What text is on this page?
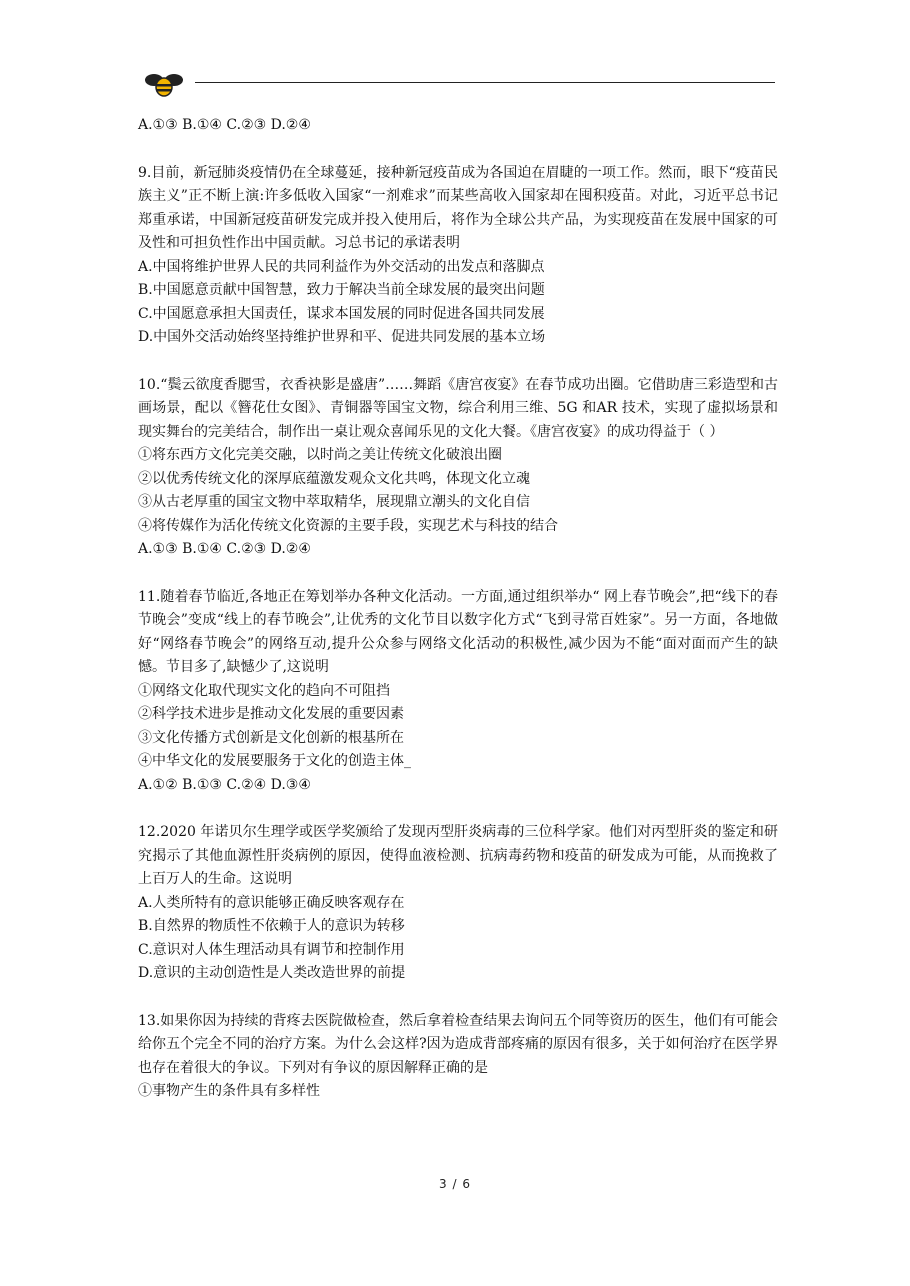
A.①③ B.①④ C.②③ D.②④

9.目前，新冠肺炎疫情仍在全球蔓延，接种新冠疫苗成为各国迫在眉睫的一项工作。然而，眼下“疫苗民族主义”正不断上演:许多低收入国家“一剂难求”而某些高收入国家却在囤积疫苗。对此，习近平总书记郑重承诺，中国新冠疫苗研发完成并投入使用后，将作为全球公共产品，为实现疫苗在发展中国家的可及性和可担负性作出中国贡献。习总书记的承诺表明

A.中国将维护世界人民的共同利益作为外交活动的出发点和落脚点

B.中国愿意贡献中国智慧，致力于解决当前全球发展的最突出问题

C.中国愿意承担大国责任，谋求本国发展的同时促进各国共同发展

D.中国外交活动始终坚持维护世界和平、促进共同发展的基本立场

10.“鬓云欲度香腮雪，衣香袂影是盛唐”……舞蹈《唐宫夜宴》在春节成功出圈。它借助唐三彩造型和古画场景，配以《簪花仕女图》、青铜器等国宝文物，综合利用三维、5G 和AR 技术，实现了虚拟场景和现实舞台的完美结合，制作出一桌让观众喜闻乐见的文化大餐。《唐宫夜宴》的成功得益于（ ）

①将东西方文化完美交融，以时尚之美让传统文化破浪出圈

②以优秀传统文化的深厚底蕴激发观众文化共鸣，体现文化立魂

③从古老厚重的国宝文物中萃取精华，展现鼎立潮头的文化自信

④将传媒作为活化传统文化资源的主要手段，实现艺术与科技的结合

A.①③ B.①④ C.②③ D.②④

11.随着春节临近,各地正在筹划举办各种文化活动。一方面,通过组织举办“ 网上春节晚会”,把“线下的春节晚会”变成“线上的春节晚会”,让优秀的文化节目以数字化方式“飞到寻常百姓家”。另一方面，各地做好“网络春节晚会”的网络互动,提升公众参与网络文化活动的积极性,减少因为不能“面对面而产生的缺憾。节目多了,缺憾少了,这说明

①网络文化取代现实文化的趋向不可阻挡

②科学技术进步是推动文化发展的重要因素

③文化传播方式创新是文化创新的根基所在

④中华文化的发展要服务于文化的创造主体_

A.①② B.①③ C.②④ D.③④

12.2020 年诺贝尔生理学或医学奖颁给了发现丙型肝炎病毒的三位科学家。他们对丙型肝炎的鉴定和研究揭示了其他血源性肝炎病例的原因，使得血液检测、抗病毒药物和疫苗的研发成为可能，从而挽救了上百万人的生命。这说明

A.人类所特有的意识能够正确反映客观存在

B.自然界的物质性不依赖于人的意识为转移

C.意识对人体生理活动具有调节和控制作用

D.意识的主动创造性是人类改造世界的前提

13.如果你因为持续的背疼去医院做检查，然后拿着检查结果去询问五个同等资历的医生，他们有可能会给你五个完全不同的治疗方案。为什么会这样?因为造成背部疼痛的原因有很多，关于如何治疗在医学界也存在着很大的争议。下列对有争议的原因解释正确的是

①事物产生的条件具有多样性

3 / 6
